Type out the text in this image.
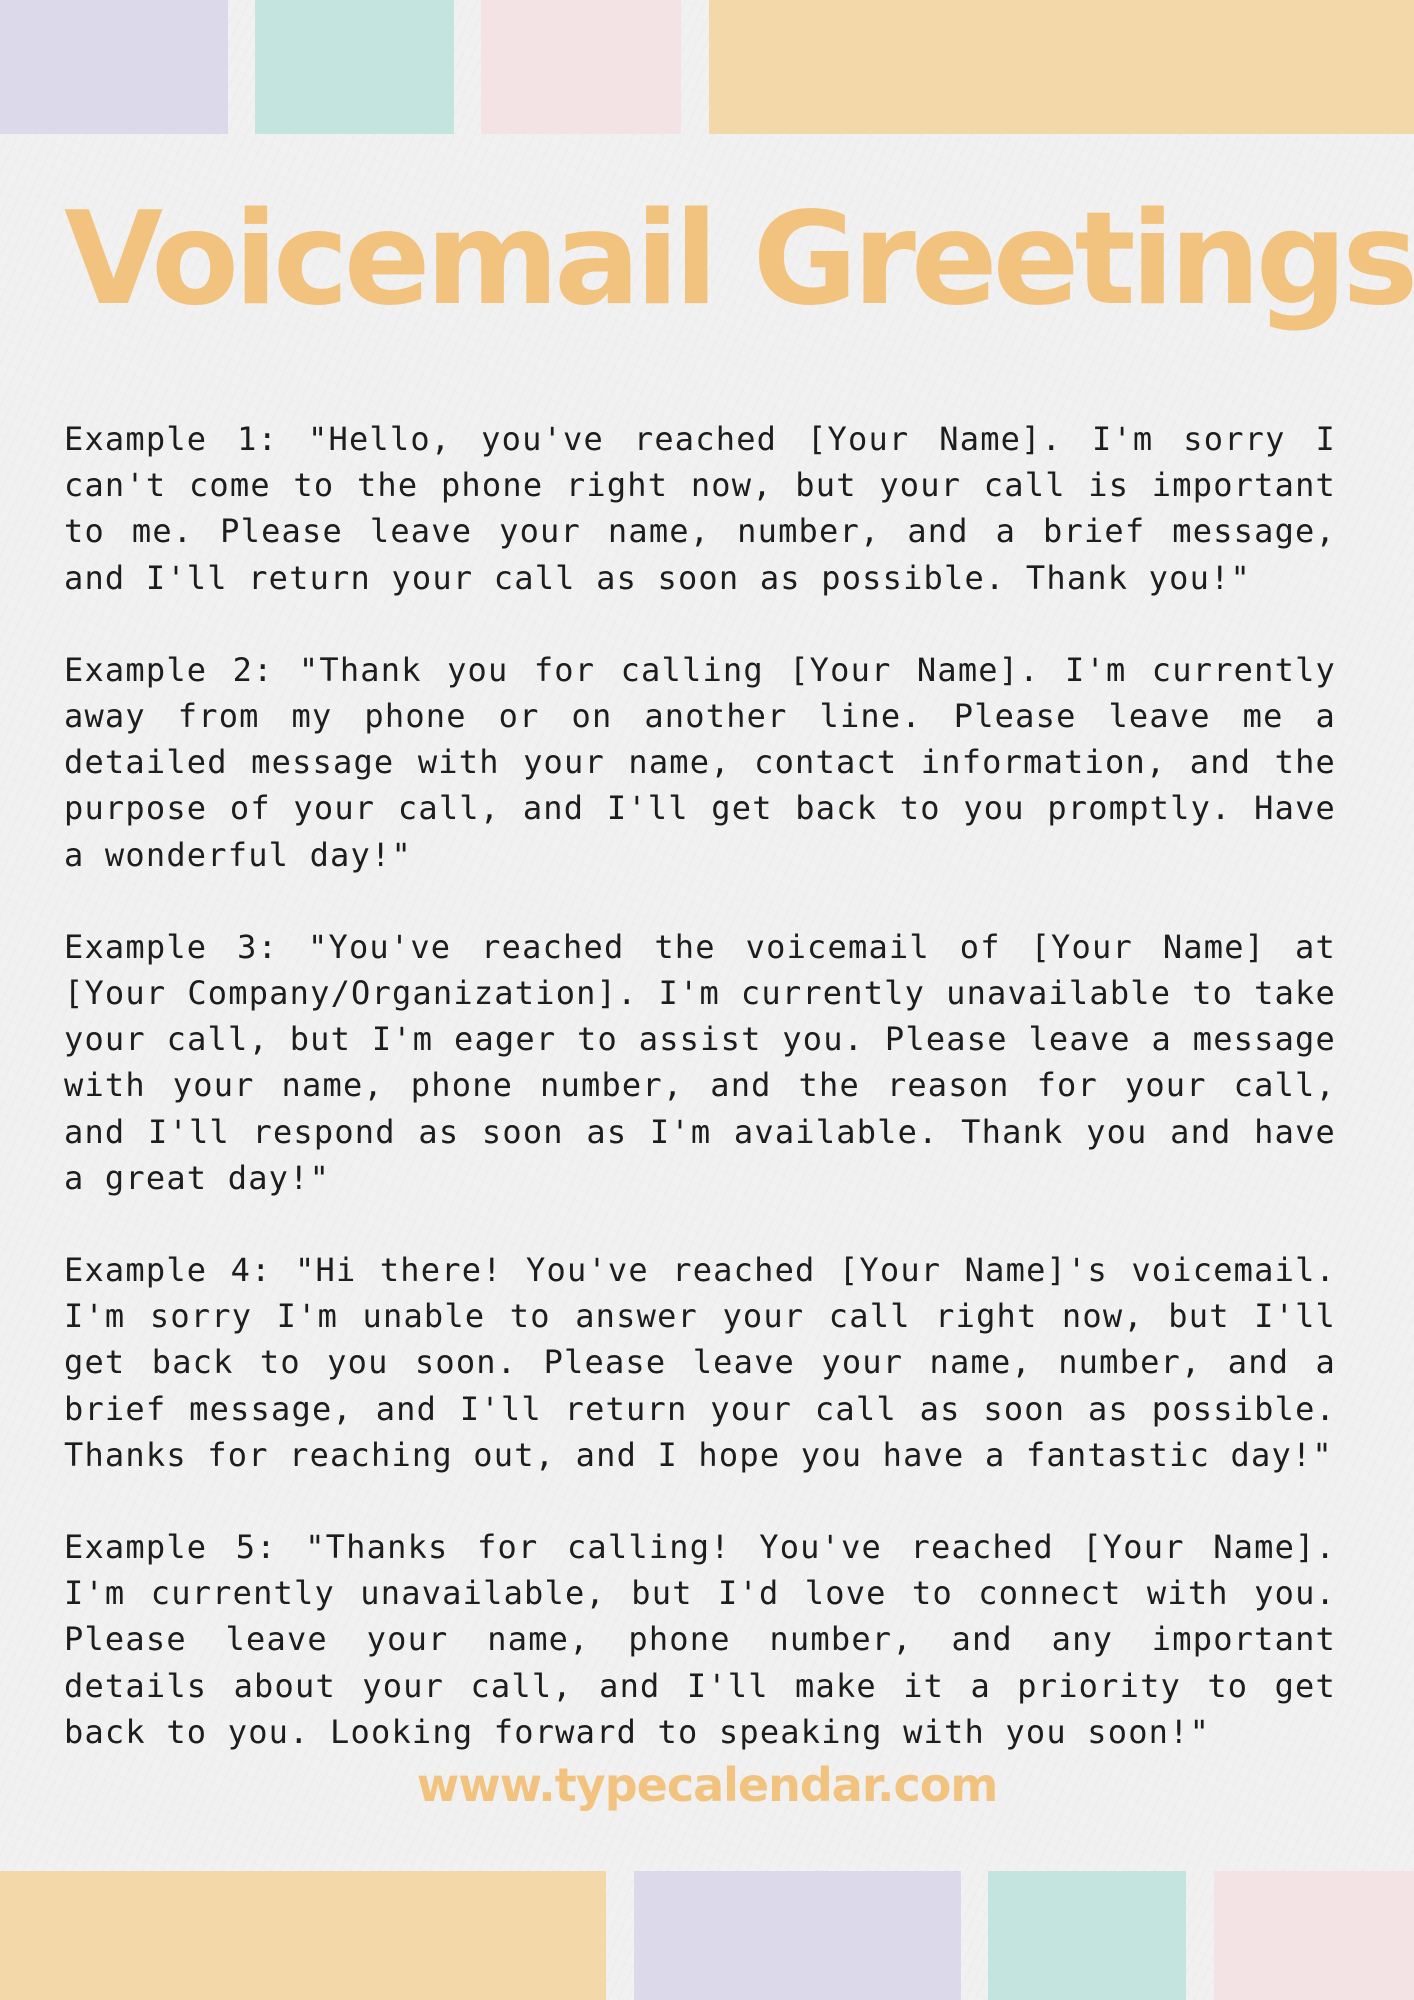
Voicemail Greetings

Example 1: "Hello, you've reached [Your Name]. I'm sorry I can't come to the phone right now, but your call is important to me. Please leave your name, number, and a brief message, and I'll return your call as soon as possible. Thank you!"

Example 2: "Thank you for calling [Your Name]. I'm currently away from my phone or on another line. Please leave me a detailed message with your name, contact information, and the purpose of your call, and I'll get back to you promptly. Have a wonderful day!"

Example 3: "You've reached the voicemail of [Your Name] at [Your Company/Organization]. I'm currently unavailable to take your call, but I'm eager to assist you. Please leave a message with your name, phone number, and the reason for your call, and I'll respond as soon as I'm available. Thank you and have a great day!"

Example 4: "Hi there! You've reached [Your Name]'s voicemail. I'm sorry I'm unable to answer your call right now, but I'll get back to you soon. Please leave your name, number, and a brief message, and I'll return your call as soon as possible. Thanks for reaching out, and I hope you have a fantastic day!"

Example 5: "Thanks for calling! You've reached [Your Name]. I'm currently unavailable, but I'd love to connect with you. Please leave your name, phone number, and any important details about your call, and I'll make it a priority to get back to you. Looking forward to speaking with you soon!"

www.typecalendar.com
